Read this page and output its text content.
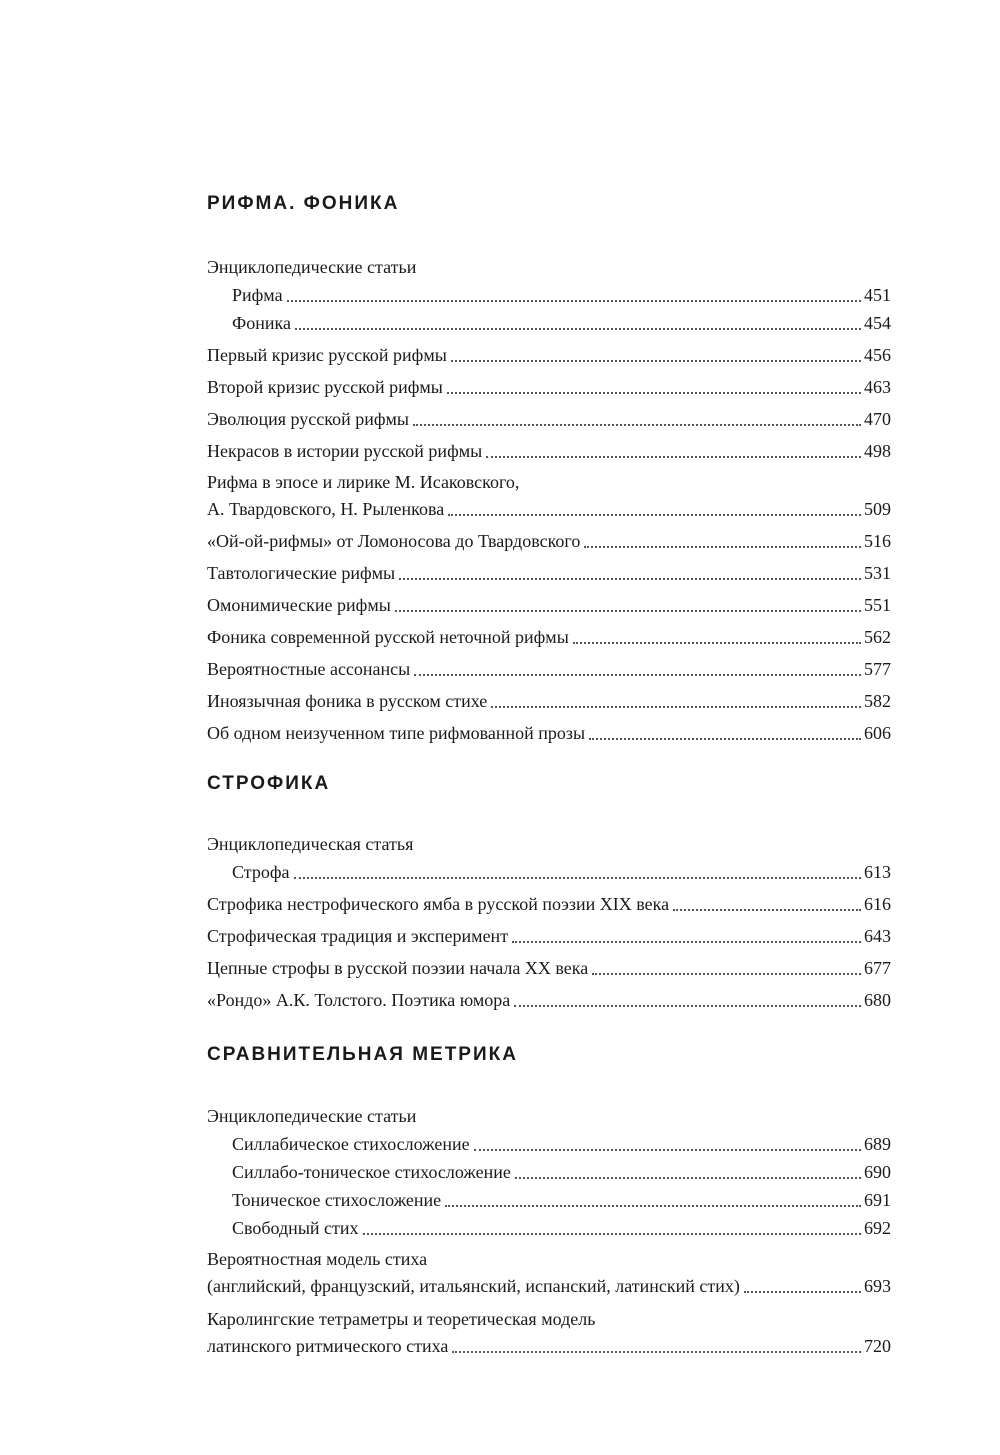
РИФМА. ФОНИКА
Энциклопедические статьи
Рифма	451
Фоника	454
Первый кризис русской рифмы	456
Второй кризис русской рифмы	463
Эволюция русской рифмы	470
Некрасов в истории русской рифмы	498
Рифма в эпосе и лирике М. Исаковского,
А. Твардовского, Н. Рыленкова	509
«Ой-ой-рифмы» от Ломоносова до Твардовского	516
Тавтологические рифмы	531
Омонимические рифмы	551
Фоника современной русской неточной рифмы	562
Вероятностные ассонансы	577
Иноязычная фоника в русском стихе	582
Об одном неизученном типе рифмованной прозы	606
СТРОФИКА
Энциклопедическая статья
Строфа	613
Строфика нестрофического ямба в русской поэзии XIX века	616
Строфическая традиция и эксперимент	643
Цепные строфы в русской поэзии начала XX века	677
«Рондо» А.К. Толстого. Поэтика юмора	680
СРАВНИТЕЛЬНАЯ МЕТРИКА
Энциклопедические статьи
Силлабическое стихосложение	689
Силлабо-тоническое стихосложение	690
Тоническое стихосложение	691
Свободный стих	692
Вероятностная модель стиха
(английский, французский, итальянский, испанский, латинский стих)	693
Каролингские тетраметры и теоретическая модель
латинского ритмического стиха	720
